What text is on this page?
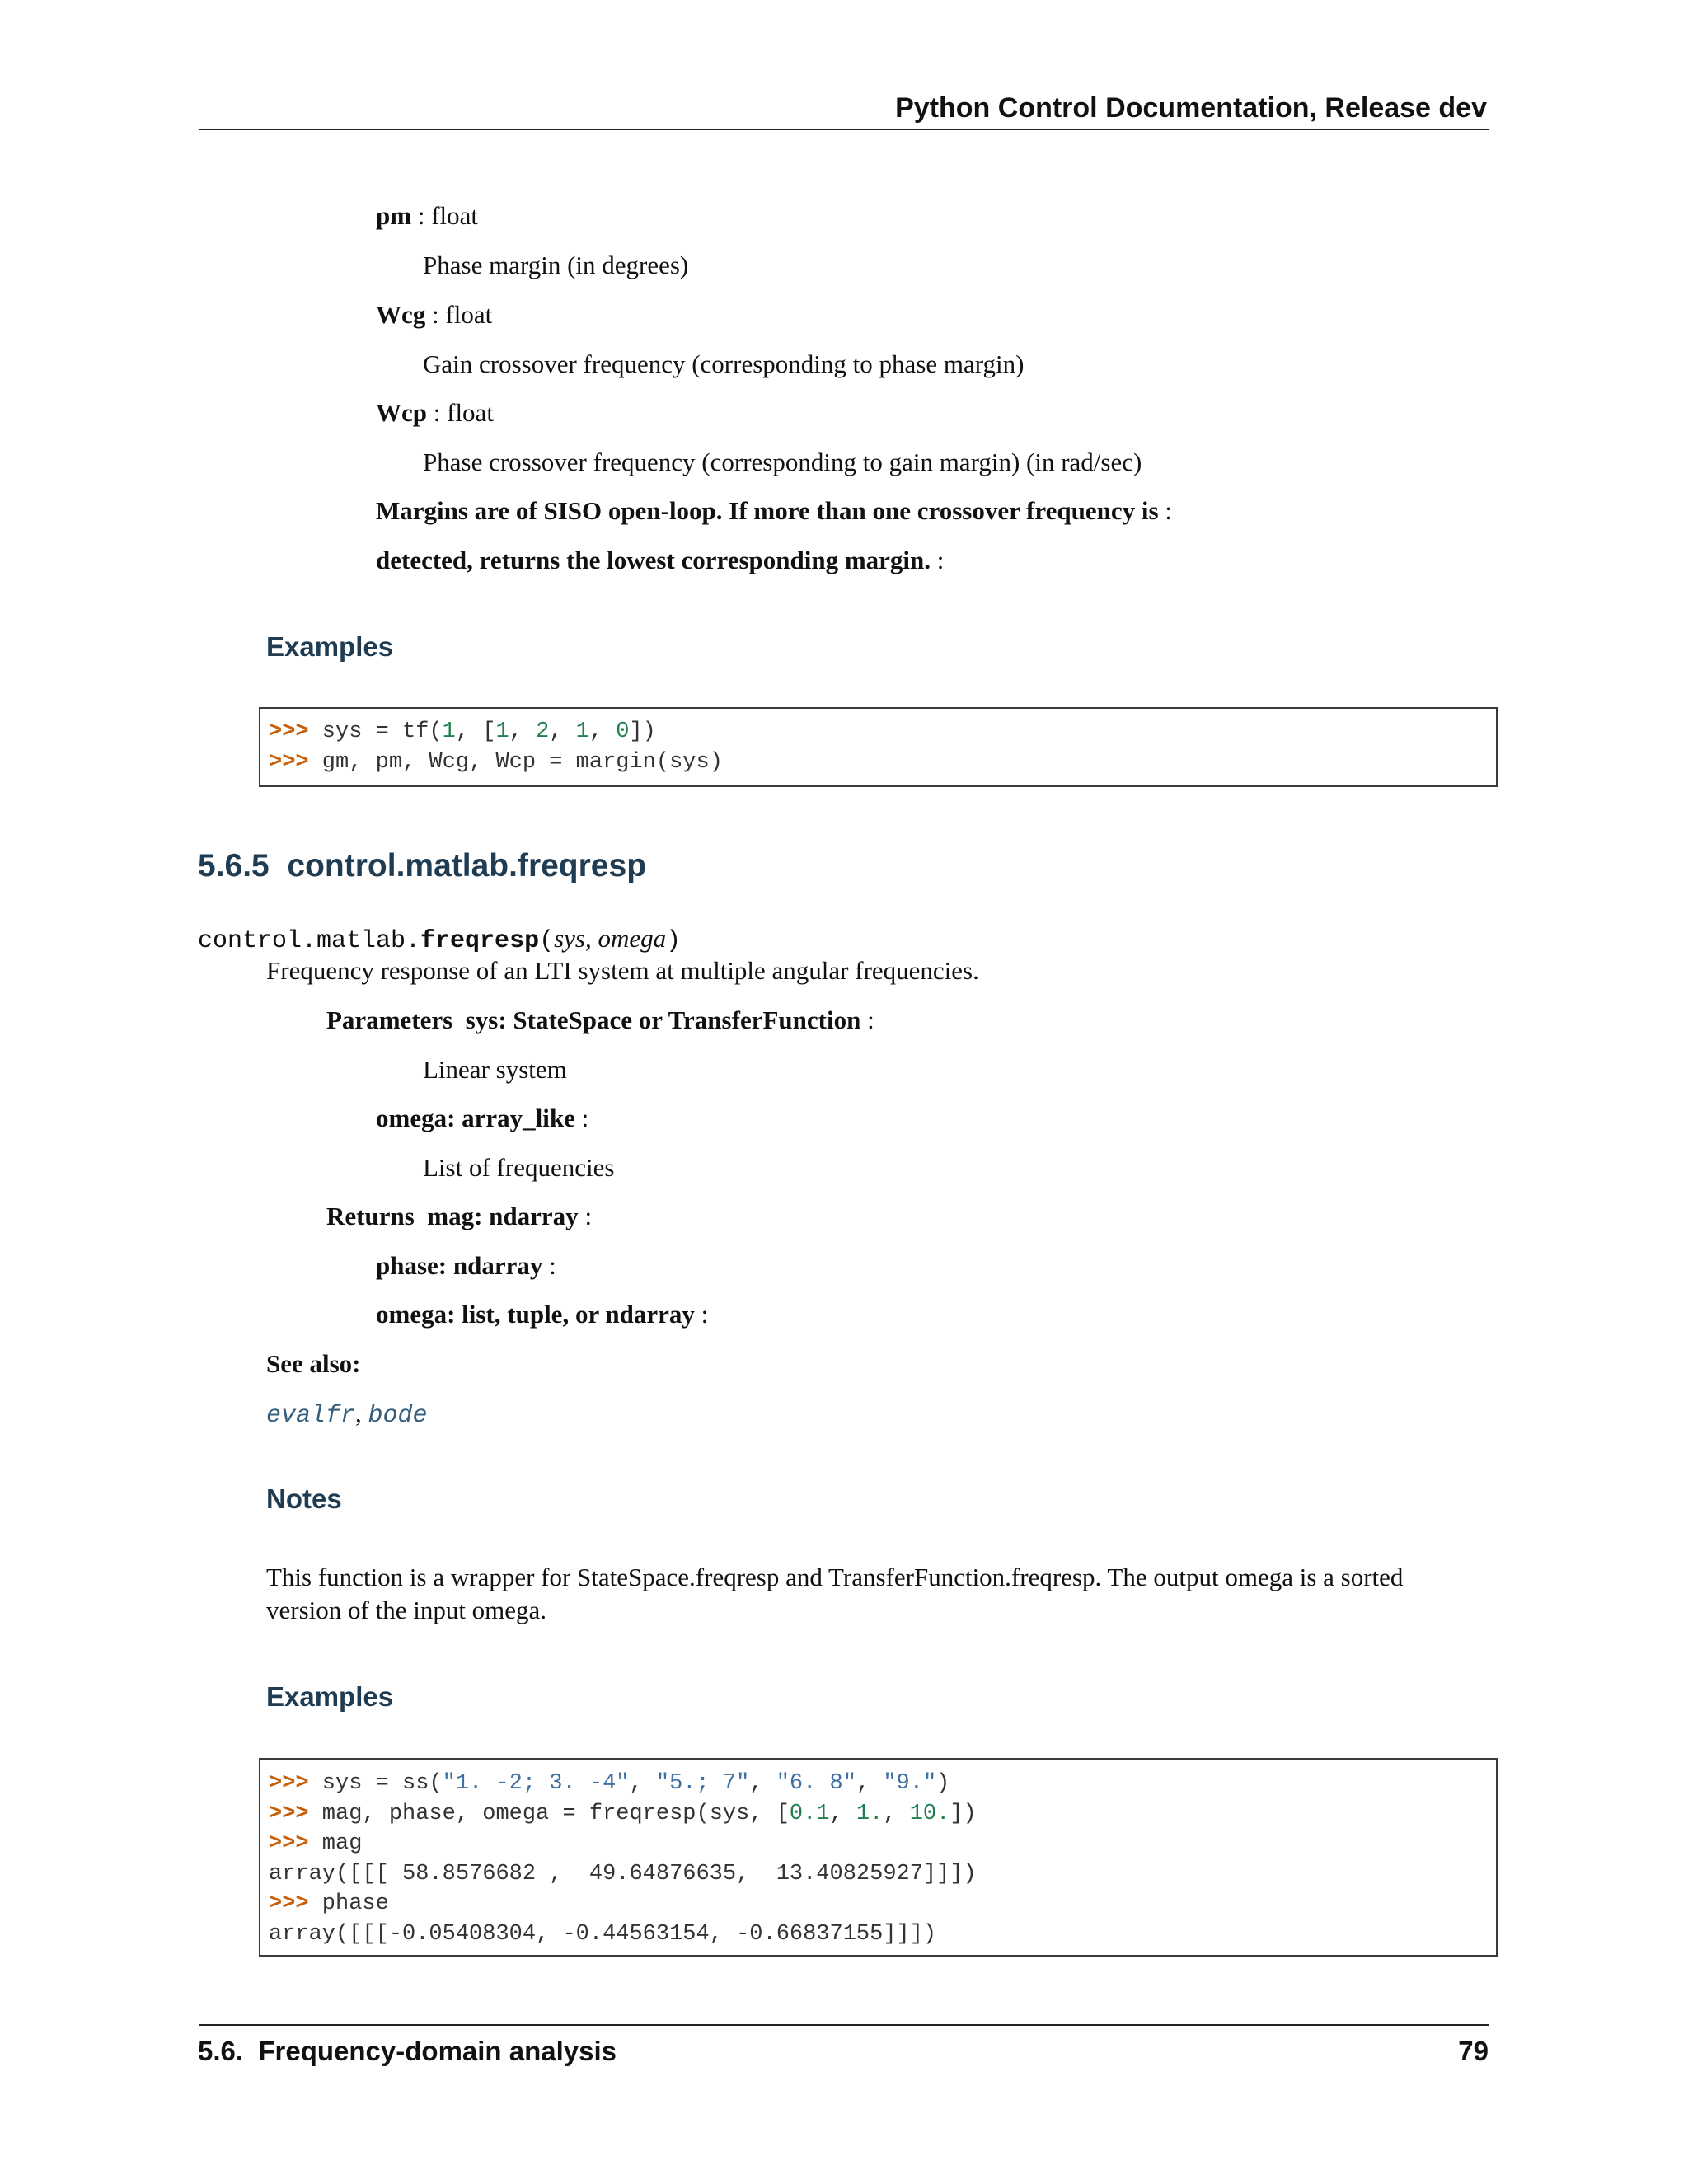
Python Control Documentation, Release dev
pm : float
Phase margin (in degrees)
Wcg : float
Gain crossover frequency (corresponding to phase margin)
Wcp : float
Phase crossover frequency (corresponding to gain margin) (in rad/sec)
Margins are of SISO open-loop. If more than one crossover frequency is :
detected, returns the lowest corresponding margin. :
Examples
>>> sys = tf(1, [1, 2, 1, 0])
>>> gm, pm, Wcg, Wcp = margin(sys)
5.6.5 control.matlab.freqresp
control.matlab.freqresp(sys, omega)
Frequency response of an LTI system at multiple angular frequencies.
Parameters sys: StateSpace or TransferFunction :
Linear system
omega: array_like :
List of frequencies
Returns mag: ndarray :
phase: ndarray :
omega: list, tuple, or ndarray :
See also:
evalfr, bode
Notes
This function is a wrapper for StateSpace.freqresp and TransferFunction.freqresp. The output omega is a sorted
version of the input omega.
Examples
>>> sys = ss("1. -2; 3. -4", "5.; 7", "6. 8", "9.")
>>> mag, phase, omega = freqresp(sys, [0.1, 1., 10.])
>>> mag
array([[[ 58.8576682 ,  49.64876635,  13.40825927]]])
>>> phase
array([[[-0.05408304, -0.44563154, -0.66837155]]])
5.6.  Frequency-domain analysis	79
